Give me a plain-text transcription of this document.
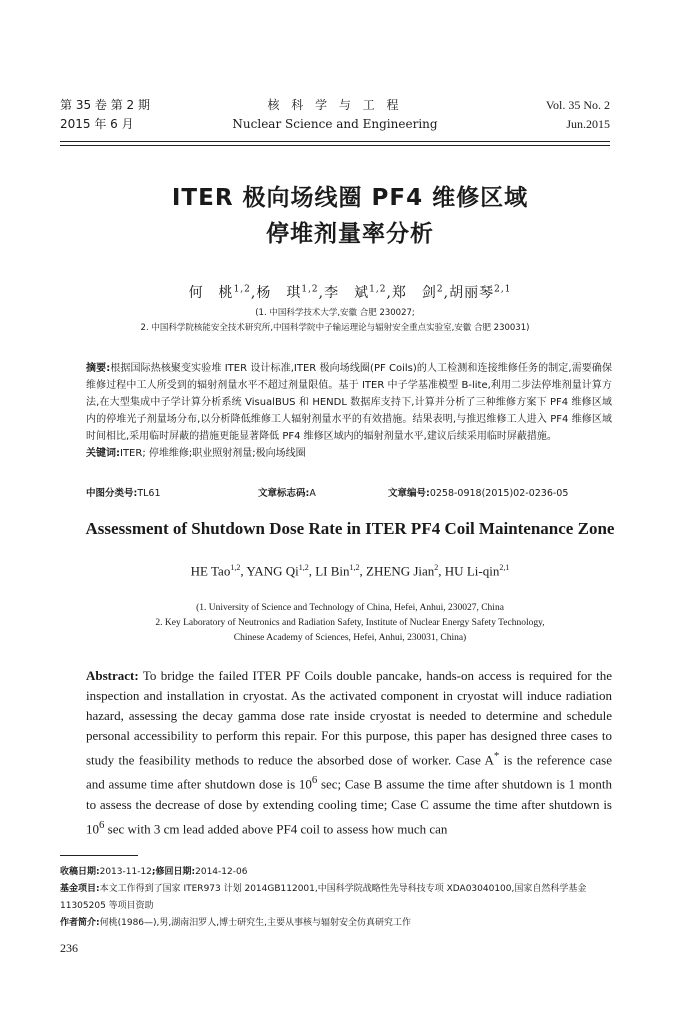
第 35 卷 第 2 期
2015 年 6 月
核 科 学 与 工 程
Nuclear Science and Engineering
Vol. 35 No. 2
Jun.2015
ITER 极向场线圈 PF4 维修区域
停堆剂量率分析
何　桃$^{1,2}$,杨　琪$^{1,2}$,李　斌$^{1,2}$,郑　剑$^2$,胡丽琴$^{2,1}$
(1. 中国科学技术大学,安徽 合肥 230027;
2. 中国科学院核能安全技术研究所,中国科学院中子输运理论与辐射安全重点实验室,安徽 合肥 230031)
摘要:根据国际热核聚变实验堆 ITER 设计标准,ITER 极向场线圈(PF Coils)的人工检测和连接维修任务的制定,需要确保维修过程中工人所受到的辐射剂量水平不超过剂量限值。基于 ITER 中子学基准模型 B-lite,利用二步法停堆剂量计算方法,在大型集成中子学计算分析系统 VisualBUS 和 HENDL 数据库支持下,计算并分析了三种维修方案下 PF4 维修区域内的停堆光子剂量场分布,以分析降低维修工人辐射剂量水平的有效措施。结果表明,与推迟维修工人进入 PF4 维修区域时间相比,采用临时屏蔽的措施更能显著降低 PF4 维修区域内的辐射剂量水平,建议后续采用临时屏蔽措施。
关键词:ITER; 停堆维修;职业照射剂量;极向场线圈
中图分类号:TL61	文章标志码:A	文章编号:0258-0918(2015)02-0236-05
Assessment of Shutdown Dose Rate in ITER PF4 Coil Maintenance Zone
HE Tao$^{1,2}$, YANG Qi$^{1,2}$, LI Bin$^{1,2}$, ZHENG Jian$^2$, HU Li-qin$^{2,1}$
(1. University of Science and Technology of China, Hefei, Anhui, 230027, China
2. Key Laboratory of Neutronics and Radiation Safety, Institute of Nuclear Energy Safety Technology,
Chinese Academy of Sciences, Hefei, Anhui, 230031, China)
Abstract: To bridge the failed ITER PF Coils double pancake, hands-on access is required for the inspection and installation in cryostat. As the activated component in cryostat will induce radiation hazard, assessing the decay gamma dose rate inside cryostat is needed to determine and schedule personal accessibility to perform this repair. For this purpose, this paper has designed three cases to study the feasibility methods to reduce the absorbed dose of worker. Case A* is the reference case and assume time after shutdown dose is $10^6$ sec; Case B assume the time after shutdown is 1 month to assess the decrease of dose by extending cooling time; Case C assume the time after shutdown is $10^6$ sec with 3 cm lead added above PF4 coil to assess how much can
收稿日期:2013-11-12;修回日期:2014-12-06
基金项目:本文工作得到了国家 ITER973 计划 2014GB112001,中国科学院战略性先导科技专项 XDA03040100,国家自然科学基金 11305205 等项目资助
作者简介:何桃(1986—),男,湖南汨罗人,博士研究生,主要从事核与辐射安全仿真研究工作
236
